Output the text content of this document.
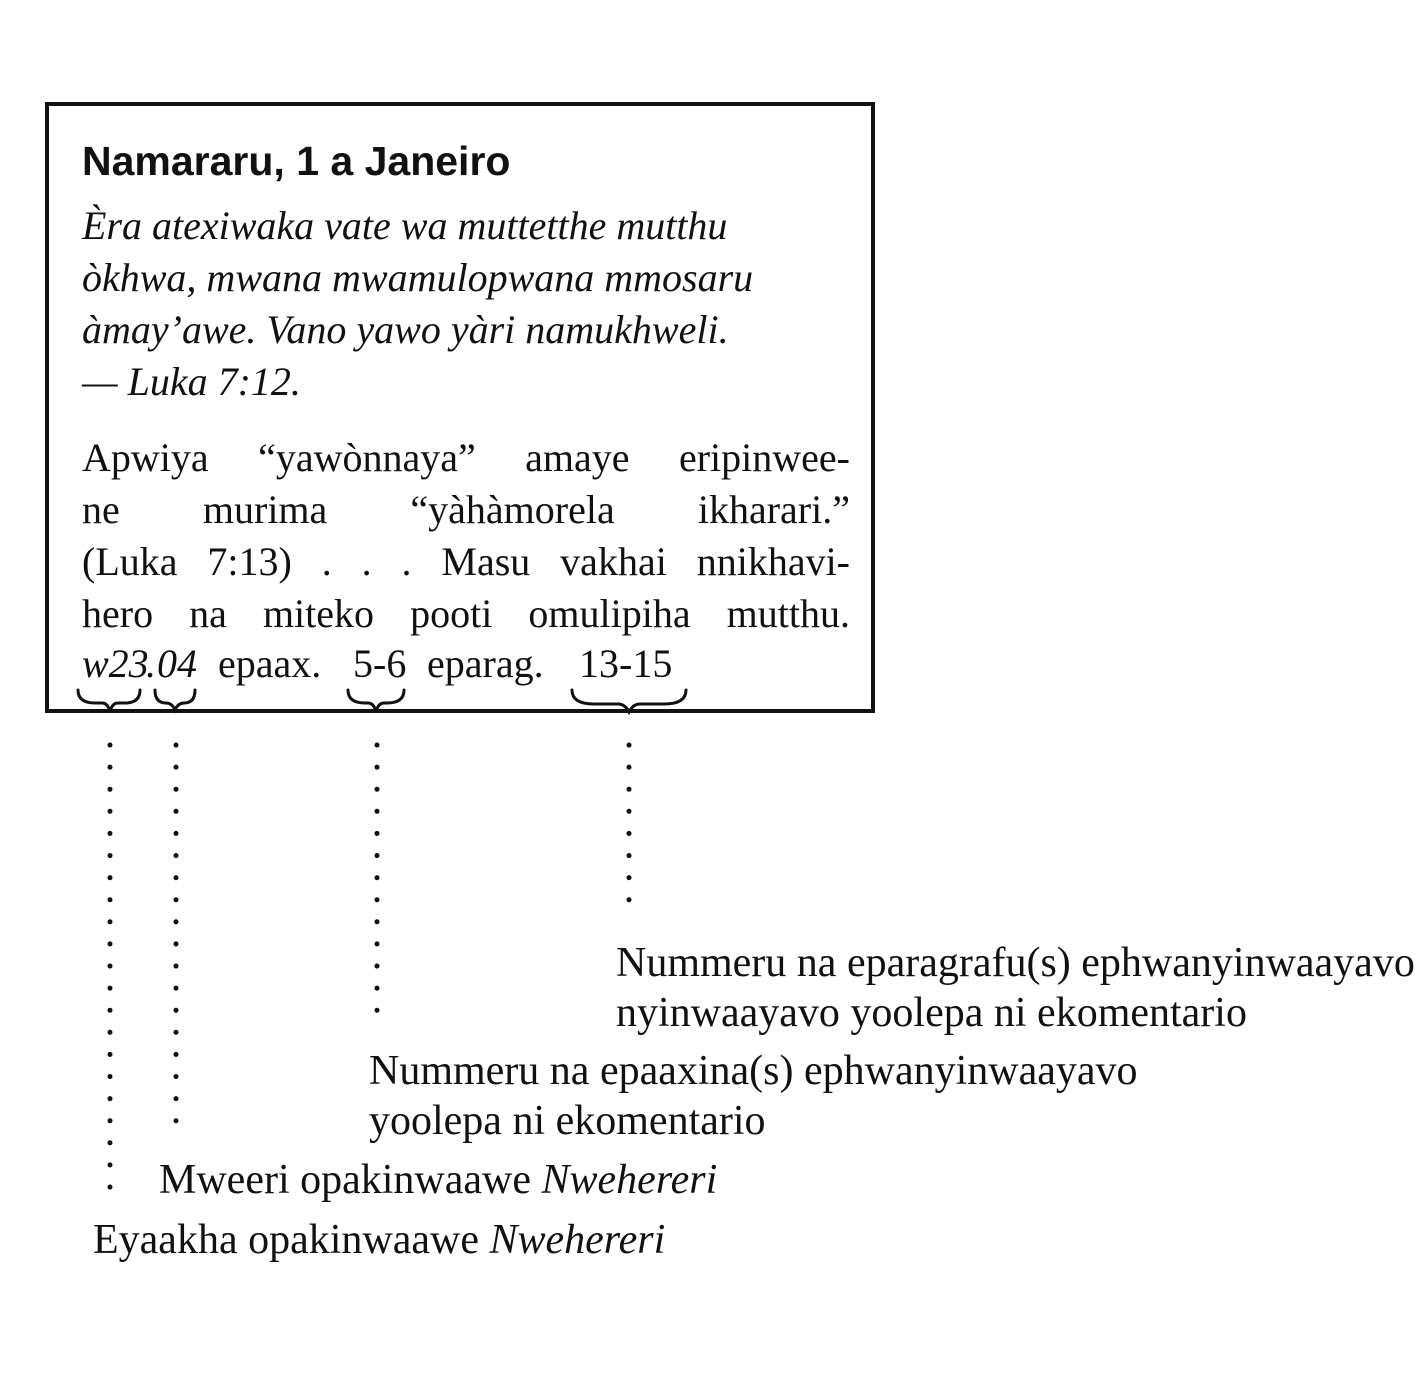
Namararu, 1 a Janeiro
Èra atexiwaka vate wa muttetthe mutthu
òkhwa, mwana mwamulopwana mmosaru
àmay’awe. Vano yawo yàri namukhweli.
— Luka 7:12.
Apwiya “yawònnaya” amaye eripinwee-
ne murima “yàhàmorela ikharari.”
(Luka 7:13) . . . Masu vakhai nnikhavi-
hero na miteko pooti omulipiha mutthu.
w23
. 04 epaax. 5-6 eparag. 13-15
Nummeru na eparagrafu(s) ephwanyinwaayavo
nyinwaayavo yoolepa ni ekomentario
Nummeru na epaaxina(s) ephwanyinwaayavo
yoolepa ni ekomentario
Mweeri opakinwaawe Nwehereri
Eyaakha opakinwaawe Nwehereri
